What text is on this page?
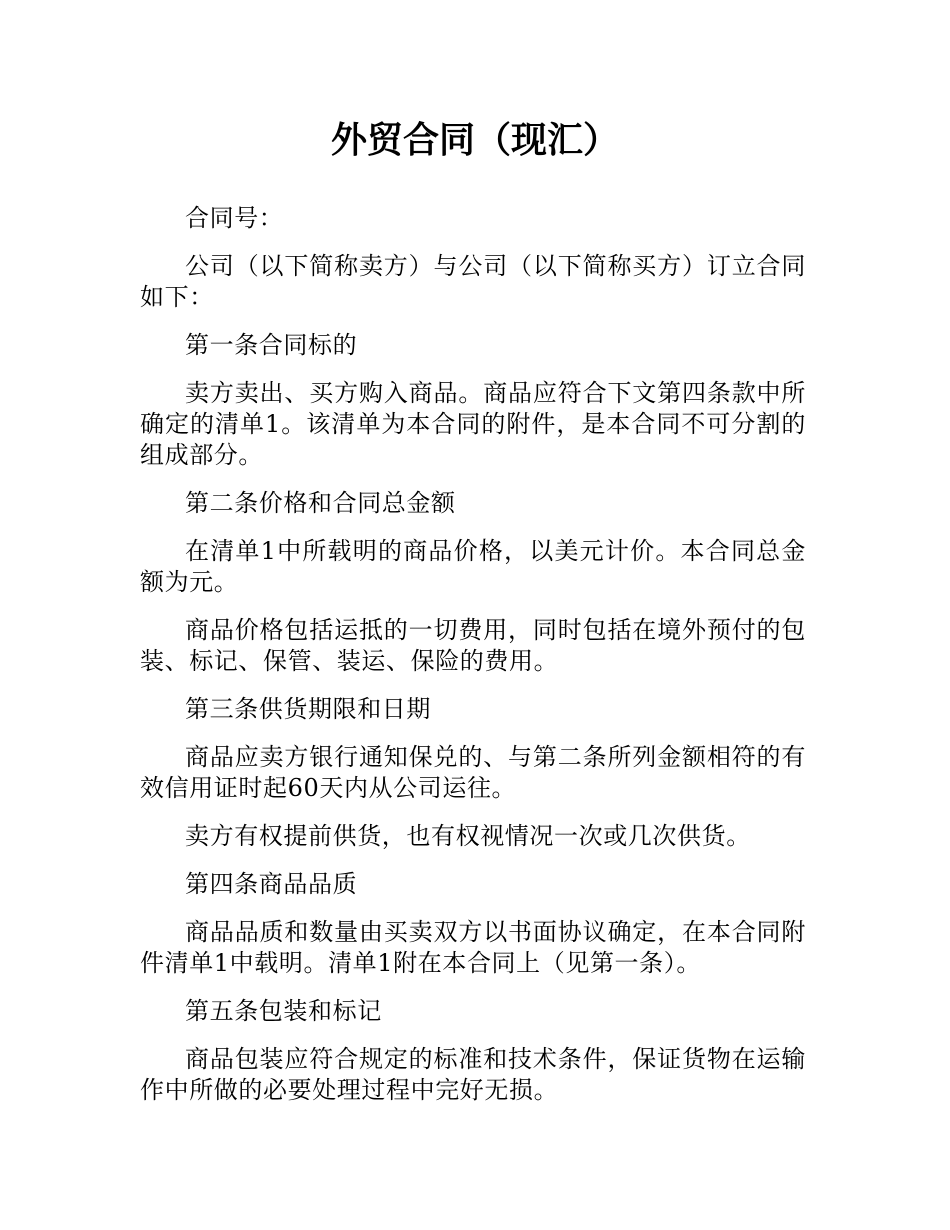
外贸合同（现汇）

合同号：

公司（以下简称卖方）与公司（以下简称买方）订立合同如下：

第一条合同标的

卖方卖出、买方购入商品。商品应符合下文第四条款中所确定的清单1。该清单为本合同的附件，是本合同不可分割的组成部分。

第二条价格和合同总金额

在清单1中所载明的商品价格，以美元计价。本合同总金额为元。

商品价格包括运抵的一切费用，同时包括在境外预付的包装、标记、保管、装运、保险的费用。

第三条供货期限和日期

商品应卖方银行通知保兑的、与第二条所列金额相符的有效信用证时起60天内从公司运往。

卖方有权提前供货，也有权视情况一次或几次供货。

第四条商品品质

商品品质和数量由买卖双方以书面协议确定，在本合同附件清单1中载明。清单1附在本合同上（见第一条）。

第五条包装和标记

商品包装应符合规定的标准和技术条件，保证货物在运输作中所做的必要处理过程中完好无损。
